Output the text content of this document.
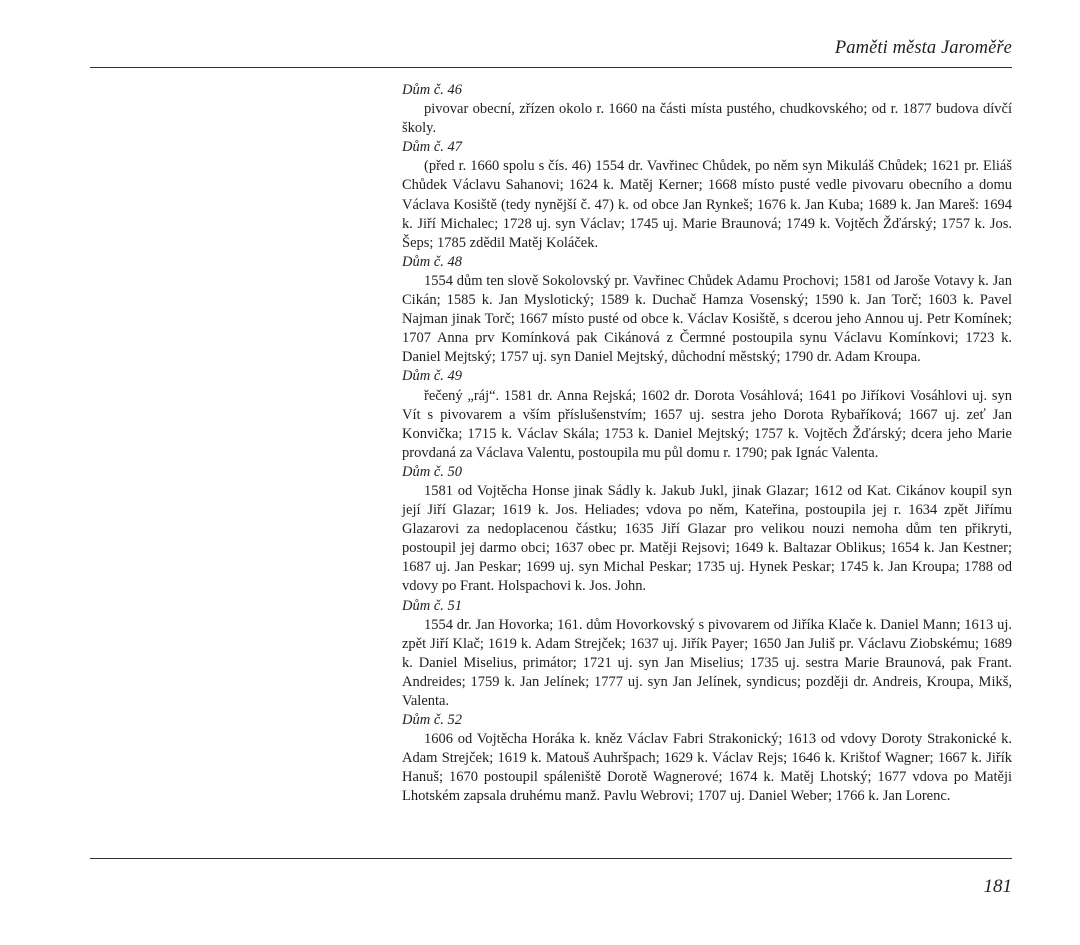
Paměti města Jaroměře
Dům č. 46

pivovar obecní, zřízen okolo r. 1660 na části místa pustého, chudkovského; od r. 1877 budova dívčí školy.

Dům č. 47

(před r. 1660 spolu s čís. 46) 1554 dr. Vavřinec Chůdek, po něm syn Mikuláš Chůdek; 1621 pr. Eliáš Chůdek Václavu Sahanovi; 1624 k. Matěj Kerner; 1668 místo pusté vedle pivovaru obecního a domu Václava Kosiště (tedy nynější č. 47) k. od obce Jan Rynkeš; 1676 k. Jan Kuba; 1689 k. Jan Mareš: 1694 k. Jiří Michalec; 1728 uj. syn Václav; 1745 uj. Marie Braunová; 1749 k. Vojtěch Žďárský; 1757 k. Jos. Šeps; 1785 zdědil Matěj Koláček.

Dům č. 48

1554 dům ten slově Sokolovský pr. Vavřinec Chůdek Adamu Prochovi; 1581 od Jaroše Votavy k. Jan Cikán; 1585 k. Jan Myslotický; 1589 k. Duchač Hamza Vosenský; 1590 k. Jan Torč; 1603 k. Pavel Najman jinak Torč; 1667 místo pusté od obce k. Václav Kosiště, s dcerou jeho Annou uj. Petr Komínek; 1707 Anna prv Komínková pak Cikánová z Čermné postoupila synu Václavu Komínkovi; 1723 k. Daniel Mejtský; 1757 uj. syn Daniel Mejtský, důchodní městský; 1790 dr. Adam Kroupa.

Dům č. 49

řečený „ráj“. 1581 dr. Anna Rejská; 1602 dr. Dorota Vosáhlová; 1641 po Jiříkovi Vosáhlovi uj. syn Vít s pivovarem a vším příslušenstvím; 1657 uj. sestra jeho Dorota Rybaříková; 1667 uj. zeť Jan Konvička; 1715 k. Václav Skála; 1753 k. Daniel Mejtský; 1757 k. Vojtěch Žďárský; dcera jeho Marie provdaná za Václava Valentu, postoupila mu půl domu r. 1790; pak Ignác Valenta.

Dům č. 50

1581 od Vojtěcha Honse jinak Sádly k. Jakub Jukl, jinak Glazar; 1612 od Kat. Cikánov koupil syn její Jiří Glazar; 1619 k. Jos. Heliades; vdova po něm, Kateřina, postoupila jej r. 1634 zpět Jiřímu Glazarovi za nedoplacenou částku; 1635 Jiří Glazar pro velikou nouzi nemoha dům ten přikryti, postoupil jej darmo obci; 1637 obec pr. Matěji Rejsovi; 1649 k. Baltazar Oblikus; 1654 k. Jan Kestner; 1687 uj. Jan Peskar; 1699 uj. syn Michal Peskar; 1735 uj. Hynek Peskar; 1745 k. Jan Kroupa; 1788 od vdovy po Frant. Holspachovi k. Jos. John.

Dům č. 51

1554 dr. Jan Hovorka; 161. dům Hovorkovský s pivovarem od Jiříka Klače k. Daniel Mann; 1613 uj. zpět Jiří Klač; 1619 k. Adam Strejček; 1637 uj. Jiřík Payer; 1650 Jan Juliš pr. Václavu Ziobskému; 1689 k. Daniel Miselius, primátor; 1721 uj. syn Jan Miselius; 1735 uj. sestra Marie Braunová, pak Frant. Andreides; 1759 k. Jan Jelínek; 1777 uj. syn Jan Jelínek, syndicus; později dr. Andreis, Kroupa, Mikš, Valenta.

Dům č. 52

1606 od Vojtěcha Horáka k. kněz Václav Fabri Strakonický; 1613 od vdovy Doroty Strakonické k. Adam Strejček; 1619 k. Matouš Auhršpach; 1629 k. Václav Rejs; 1646 k. Krištof Wagner; 1667 k. Jiřík Hanuš; 1670 postoupil spáleniště Dorotě Wagnerové; 1674 k. Matěj Lhotský; 1677 vdova po Matěji Lhotském zapsala druhému manž. Pavlu Webrovi; 1707 uj. Daniel Weber; 1766 k. Jan Lorenc.

181
